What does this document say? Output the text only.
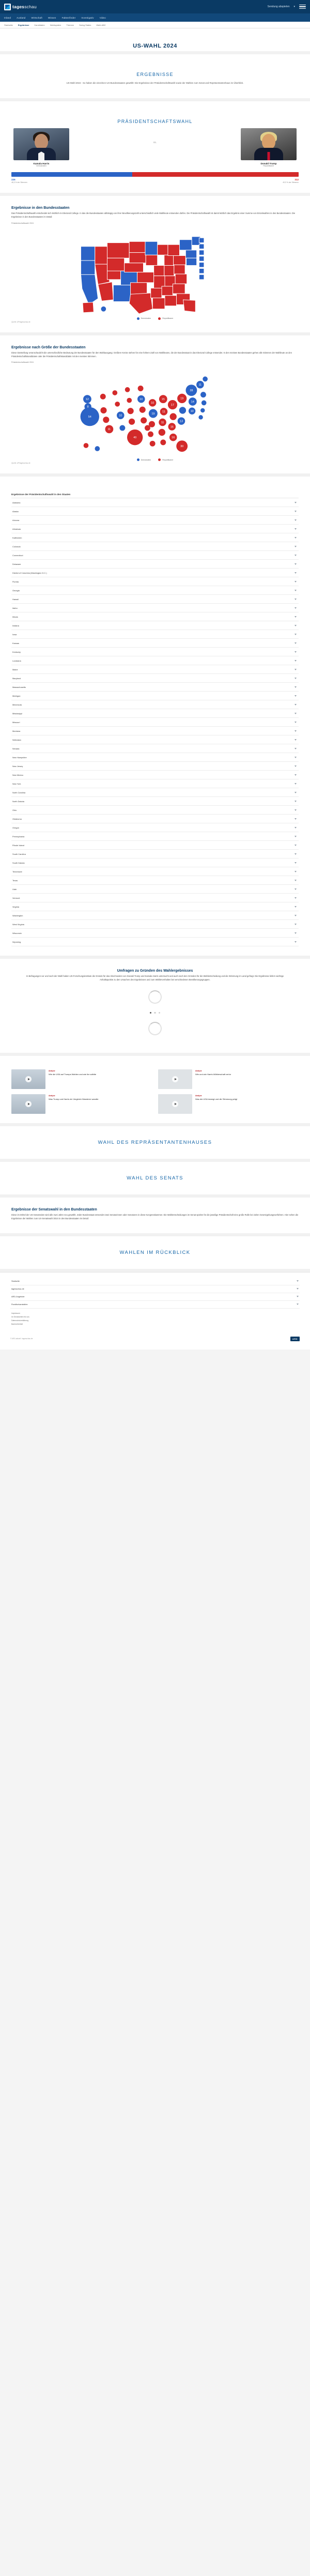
tagesschau	Sendung abspielen ▾
Inland	Ausland	Wirtschaft	Wissen	Faktenfinder	Investigativ	Video
Startseite	Ergebnisse	Kandidaten	Wahlsystem	Themen	Swing States	Wahl-ABC
US-WAHL 2024
ERGEBNISSE

US-Wahl 2024 - So haben die einzelnen US-Bundesstaaten gewählt: Die Ergebnisse der Präsidentschaftswahl sowie der Wahlen zum Senat und Repräsentantenhaus im Überblick.

PRÄSIDENTSCHAFTSWAHL
Kamala Harris
Demokraten
vs.
Donald Trump
Republikaner
226	312
48,3 % der Stimmen	49,9 % der Stimmen
Ergebnisse in den Bundesstaaten

Das Präsidentschaftswahl entscheidet sich letztlich im Electoral College. In das die Bundesstaaten abhängig von ihrer Bevölkerungszahl unterschiedlich viele Wahlleute entsenden dürfen. Die Präsidentschaftswahl ist damit letztlich das Ergebnis einer Summe von Einzelwahlen in den Bundesstaaten. Die Ergebnisse in den Bundesstaaten im Detail:

Präsidentschaftswahl 2024
Demokraten	Republikaner
Quelle: AP/tagesschau.de
Ergebnisse nach Größe der Bundesstaaten

Diese Darstellung veranschaulicht die unterschiedliche Bedeutung der Bundesstaaten für den Wahlausgang: Größere Kreise stehen für eine höhere Zahl von Wahlleuten, die der Bundesstaat in das Electoral College entsendet. In den meisten Bundesstaaten gehen alle Stimmen der Wahlleute an den Präsidentschaftskandidaten oder die Präsidentschaftskandidatin mit den meisten Stimmen.

Präsidentschaftswahl 2024
54
12
8
11
10
40
10
10
19
15
11
11
17
16
16
19
13
30
28
14
10
11
Demokraten	Republikaner
Quelle: AP/tagesschau.de
Ergebnisse der Präsidentschaftswahl in den Staaten
Alabama
Alaska
Arizona
Arkansas
Kalifornien
Colorado
Connecticut
Delaware
District of Columbia (Washington D.C.)
Florida
Georgia
Hawaii
Idaho
Illinois
Indiana
Iowa
Kansas
Kentucky
Louisiana
Maine
Maryland
Massachusetts
Michigan
Minnesota
Mississippi
Missouri
Montana
Nebraska
Nevada
New Hampshire
New Jersey
New Mexico
New York
North Carolina
North Dakota
Ohio
Oklahoma
Oregon
Pennsylvania
Rhode Island
South Carolina
South Dakota
Tennessee
Texas
Utah
Vermont
Virginia
Washington
West Virginia
Wisconsin
Wyoming
Umfragen zu Gründen des Wahlergebnisses

In Befragungen vor und nach der Wahl haben US-Forschungsinstitute die Gründe für das Abschneiden von Donald Trump und Kamala Harris untersucht und auch nach den Gründen für die Wahlentscheidung und die Stimmung im Land gefragt. Die Ergebnisse liefern wichtige Anhaltspunkte zu den Ursachen des Ergebnisses und zum Wählerverhalten bei verschiedenen Bevölkerungsgruppen.

Analyse
Wie die USA auf Trumps Wahlen und wie ihn wählte
Analyse
Wie und wie Harris Wählerschaft verlor
Analyse
Was Trump und Harris ein Vergleich Wanderer wandte
Analyse
Was die USA bewegt und die Stimmung prägt
WAHL DES REPRÄSENTANTENHAUSES
WAHL DES SENATS
Ergebnisse der Senatswahl in den Bundesstaaten

Diese im Drittel der US-Senatssitze wird alle zwei Jahre neu gewählt. Jeder Bundesstaat entsendet zwei Senatorinnen oder Senatoren in diese Kongresskammer. Die Wahlentscheidungen im Senat spielen für die jeweilige Präsidentschaft eine große Rolle bei vielen Gesetzgebungsverfahren. Hier sehen die Ergebnisse der Wahlen zum US-Senatswahl 2024 in den Bundesstaaten im Detail:

WAHLEN IM RÜCKBLICK
Startseite
tagesschau.de
ARD-Angebote
Rundfunkanstalten
Impressum
Im Sendezeiten für uns
Datenschutzerklärung
Barrierefreiheit
© ARD-aktuell / tagesschau.de	ARD
